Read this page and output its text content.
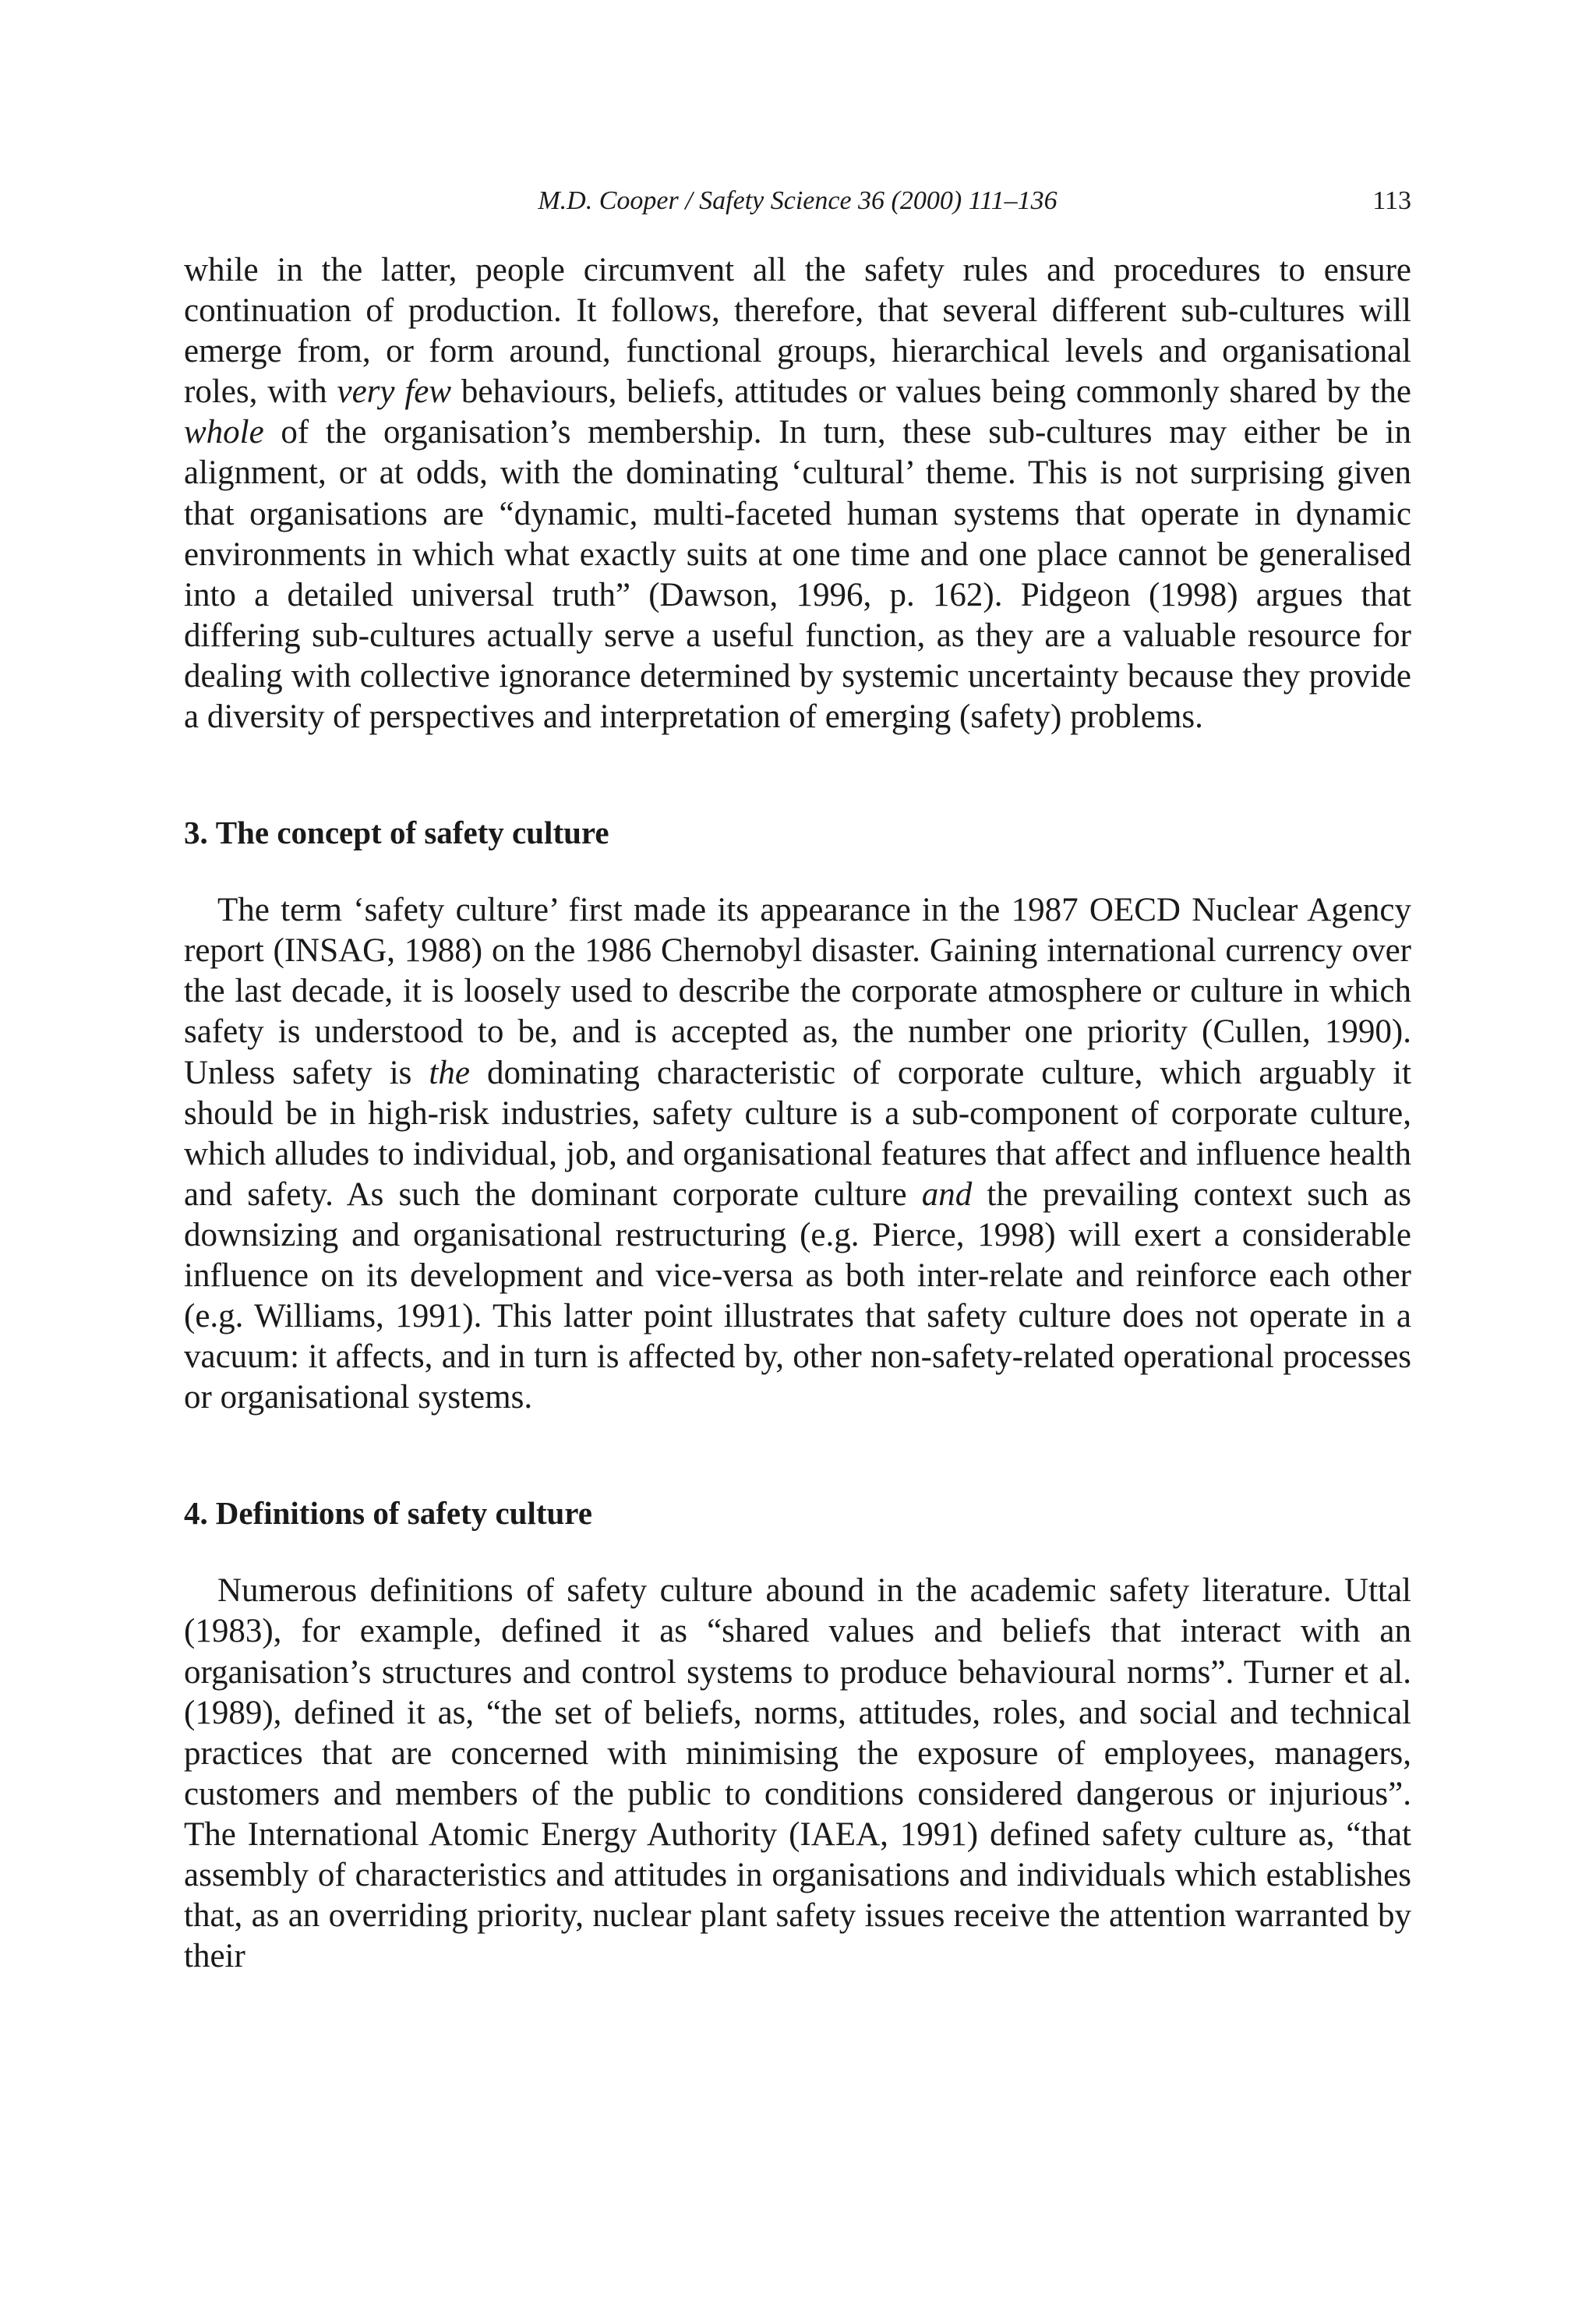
M.D. Cooper / Safety Science 36 (2000) 111–136	113

while in the latter, people circumvent all the safety rules and procedures to ensure continuation of production. It follows, therefore, that several different sub-cultures will emerge from, or form around, functional groups, hierarchical levels and organisational roles, with very few behaviours, beliefs, attitudes or values being commonly shared by the whole of the organisation’s membership. In turn, these sub-cultures may either be in alignment, or at odds, with the dominating ‘cultural’ theme. This is not surprising given that organisations are “dynamic, multi-faceted human systems that operate in dynamic environments in which what exactly suits at one time and one place cannot be generalised into a detailed universal truth” (Dawson, 1996, p. 162). Pidgeon (1998) argues that differing sub-cultures actually serve a useful function, as they are a valuable resource for dealing with collective ignorance determined by systemic uncertainty because they provide a diversity of perspectives and interpretation of emerging (safety) problems.

3. The concept of safety culture

The term ‘safety culture’ first made its appearance in the 1987 OECD Nuclear Agency report (INSAG, 1988) on the 1986 Chernobyl disaster. Gaining international currency over the last decade, it is loosely used to describe the corporate atmosphere or culture in which safety is understood to be, and is accepted as, the number one priority (Cullen, 1990). Unless safety is the dominating characteristic of corporate culture, which arguably it should be in high-risk industries, safety culture is a sub-component of corporate culture, which alludes to individual, job, and organisational features that affect and influence health and safety. As such the dominant corporate culture and the prevailing context such as downsizing and organisational restructuring (e.g. Pierce, 1998) will exert a considerable influence on its development and vice-versa as both inter-relate and reinforce each other (e.g. Williams, 1991). This latter point illustrates that safety culture does not operate in a vacuum: it affects, and in turn is affected by, other non-safety-related operational processes or organisational systems.

4. Definitions of safety culture

Numerous definitions of safety culture abound in the academic safety literature. Uttal (1983), for example, defined it as “shared values and beliefs that interact with an organisation’s structures and control systems to produce behavioural norms”. Turner et al. (1989), defined it as, “the set of beliefs, norms, attitudes, roles, and social and technical practices that are concerned with minimising the exposure of employees, managers, customers and members of the public to conditions considered dangerous or injurious”. The International Atomic Energy Authority (IAEA, 1991) defined safety culture as, “that assembly of characteristics and attitudes in organisations and individuals which establishes that, as an overriding priority, nuclear plant safety issues receive the attention warranted by their
